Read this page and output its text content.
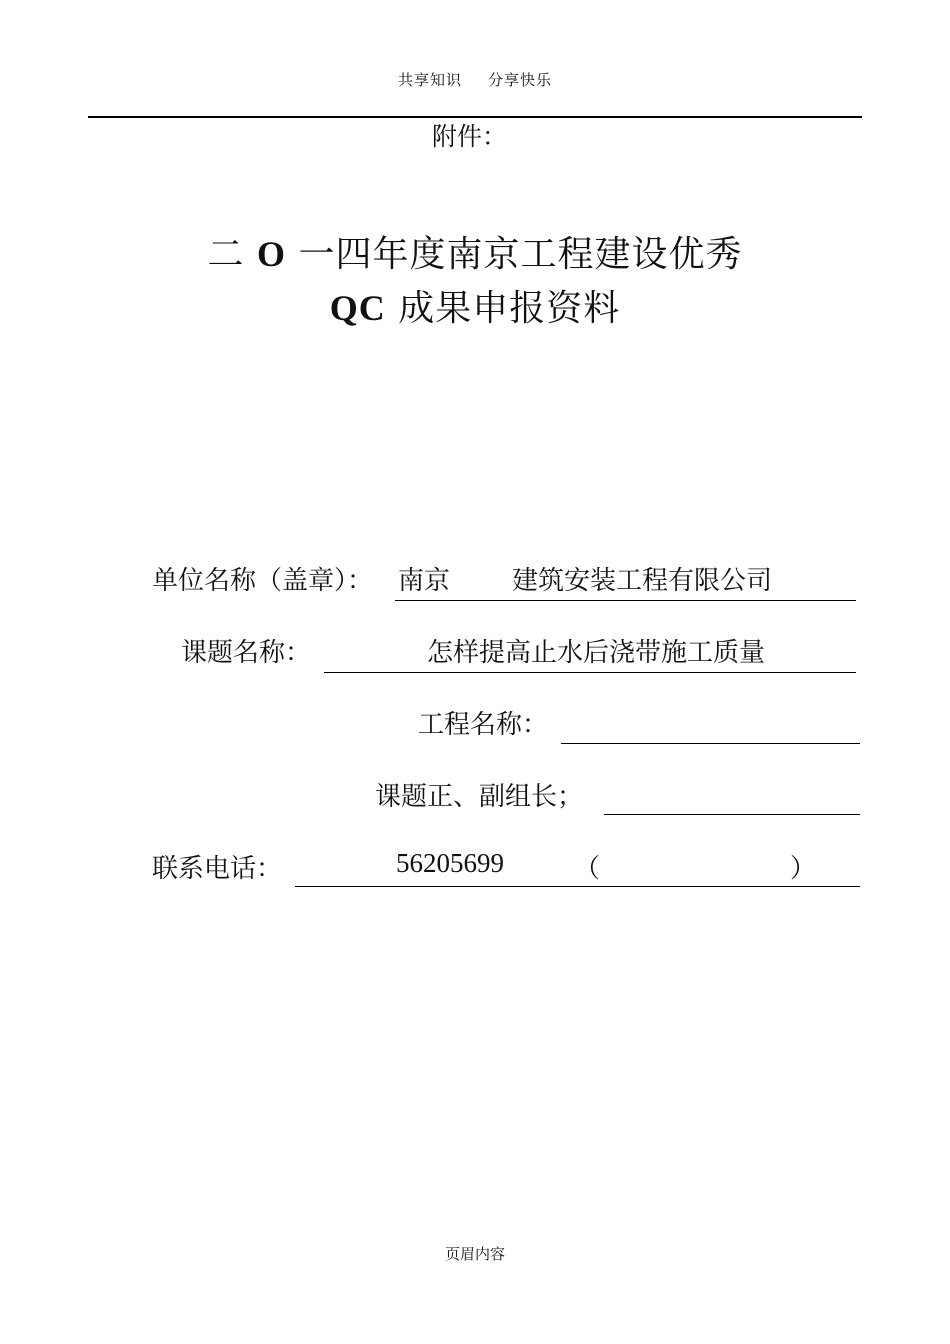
共享知识 分享快乐
附件：
二 O 一四年度南京工程建设优秀
QC 成果申报资料
单位名称（盖章）： 南京 建筑安装工程有限公司
课题名称：	怎样提高止水后浇带施工质量
工程名称：
课题正、副组长；
联系电话：	56205699	（	）
页眉内容
